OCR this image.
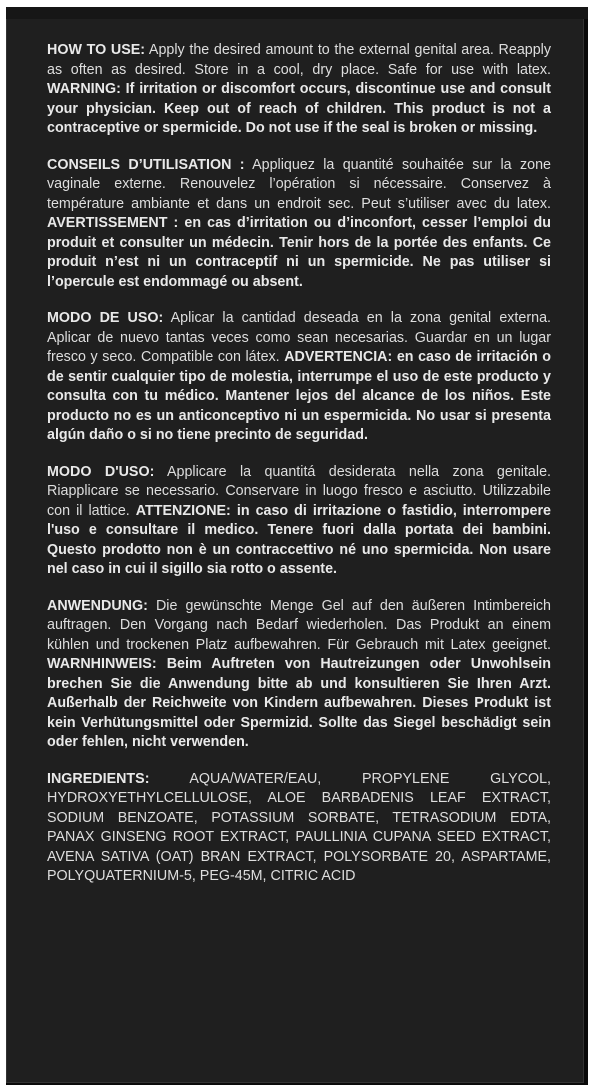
HOW TO USE: Apply the desired amount to the external genital area. Reapply as often as desired. Store in a cool, dry place. Safe for use with latex. WARNING: If irritation or discomfort occurs, discontinue use and consult your physician. Keep out of reach of children. This product is not a contraceptive or spermicide. Do not use if the seal is broken or missing.

CONSEILS D’UTILISATION : Appliquez la quantité souhaitée sur la zone vaginale externe. Renouvelez l’opération si nécessaire. Conservez à température ambiante et dans un endroit sec. Peut s’utiliser avec du latex. AVERTISSEMENT : en cas d’irritation ou d’inconfort, cesser l’emploi du produit et consulter un médecin. Tenir hors de la portée des enfants. Ce produit n’est ni un contraceptif ni un spermicide. Ne pas utiliser si l’opercule est endommagé ou absent.

MODO DE USO: Aplicar la cantidad deseada en la zona genital externa. Aplicar de nuevo tantas veces como sean necesarias. Guardar en un lugar fresco y seco. Compatible con látex. ADVERTENCIA: en caso de irritación o de sentir cualquier tipo de molestia, interrumpe el uso de este producto y consulta con tu médico. Mantener lejos del alcance de los niños. Este producto no es un anticonceptivo ni un espermicida. No usar si presenta algún daño o si no tiene precinto de seguridad.

MODO D'USO: Applicare la quantitá desiderata nella zona genitale. Riapplicare se necessario. Conservare in luogo fresco e asciutto. Utilizzabile con il lattice. ATTENZIONE: in caso di irritazione o fastidio, interrompere l'uso e consultare il medico. Tenere fuori dalla portata dei bambini. Questo prodotto non è un contraccettivo né uno spermicida. Non usare nel caso in cui il sigillo sia rotto o assente.

ANWENDUNG: Die gewünschte Menge Gel auf den äußeren Intimbereich auftragen. Den Vorgang nach Bedarf wiederholen. Das Produkt an einem kühlen und trockenen Platz aufbewahren. Für Gebrauch mit Latex geeignet. WARNHINWEIS: Beim Auftreten von Hautreizungen oder Unwohlsein brechen Sie die Anwendung bitte ab und konsultieren Sie Ihren Arzt. Außerhalb der Reichweite von Kindern aufbewahren. Dieses Produkt ist kein Verhütungsmittel oder Spermizid. Sollte das Siegel beschädigt sein oder fehlen, nicht verwenden.

INGREDIENTS: AQUA/WATER/EAU, PROPYLENE GLYCOL, HYDROXYETHYLCELLULOSE, ALOE BARBADENIS LEAF EXTRACT, SODIUM BENZOATE, POTASSIUM SORBATE, TETRASODIUM EDTA, PANAX GINSENG ROOT EXTRACT, PAULLINIA CUPANA SEED EXTRACT, AVENA SATIVA (OAT) BRAN EXTRACT, POLYSORBATE 20, ASPARTAME, POLYQUATERNIUM-5, PEG-45M, CITRIC ACID
